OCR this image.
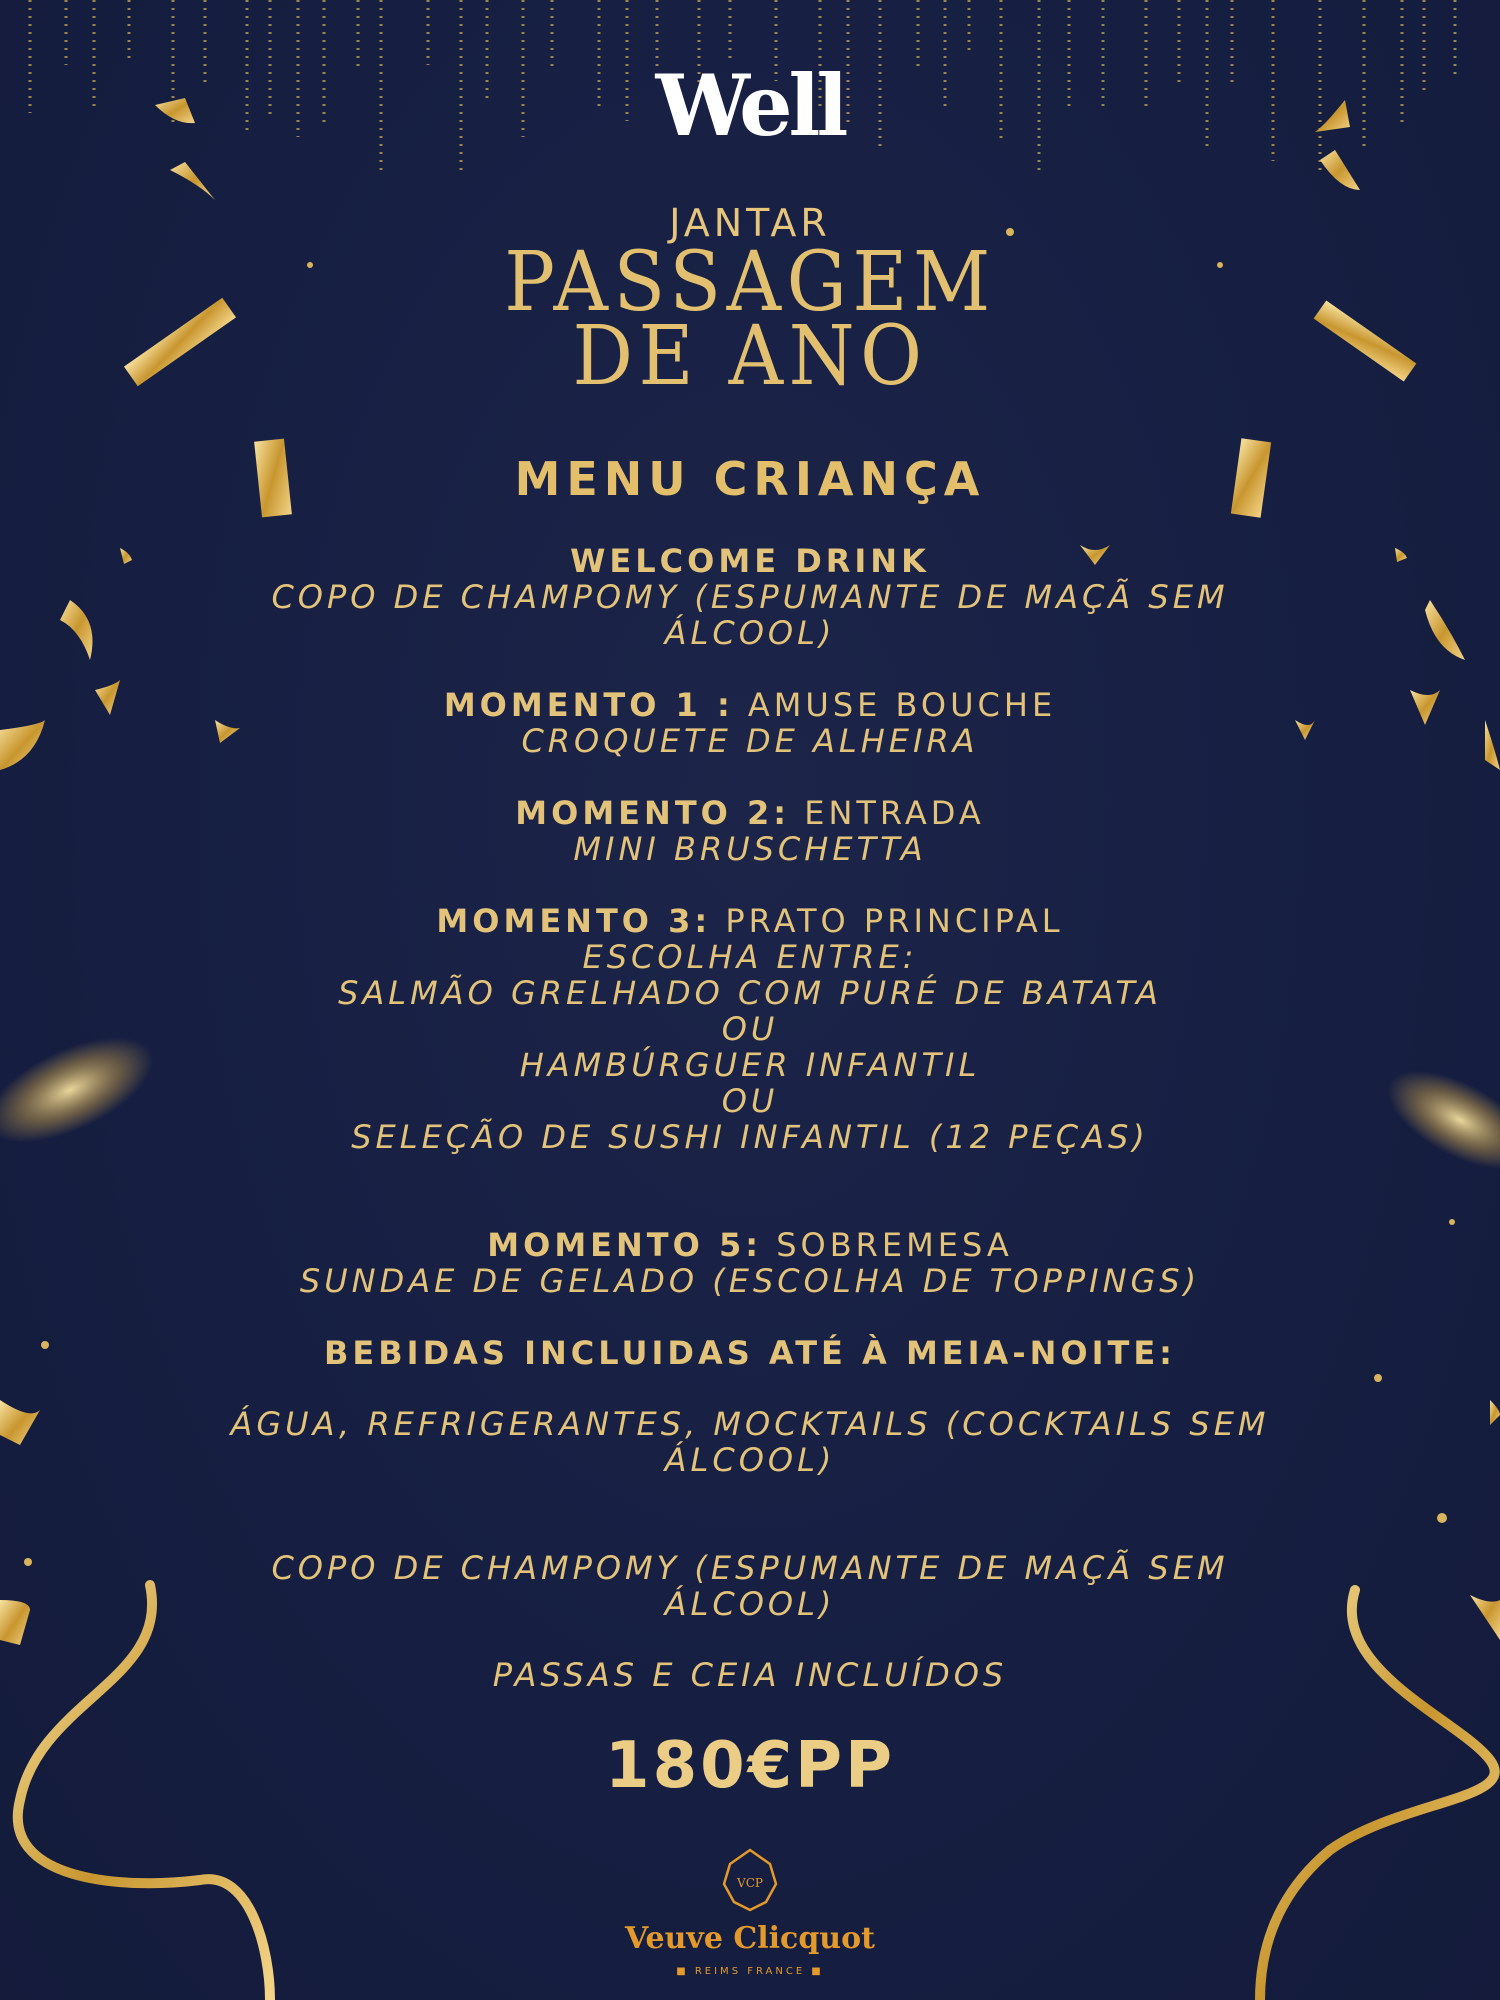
Well
JANTAR
PASSAGEM
DE ANO
MENU CRIANÇA
WELCOME DRINK
COPO DE CHAMPOMY (ESPUMANTE DE MAÇÃ SEM
ÁLCOOL)
MOMENTO 1 : AMUSE BOUCHE
CROQUETE DE ALHEIRA
MOMENTO 2: ENTRADA
MINI BRUSCHETTA
MOMENTO 3: PRATO PRINCIPAL
ESCOLHA ENTRE:
SALMÃO GRELHADO COM PURÉ DE BATATA
OU
HAMBÚRGUER INFANTIL
OU
SELEÇÃO DE SUSHI INFANTIL (12 PEÇAS)
MOMENTO 5: SOBREMESA
SUNDAE DE GELADO (ESCOLHA DE TOPPINGS)
BEBIDAS INCLUIDAS ATÉ À MEIA-NOITE:
ÁGUA, REFRIGERANTES, MOCKTAILS (COCKTAILS SEM
ÁLCOOL)
COPO DE CHAMPOMY (ESPUMANTE DE MAÇÃ SEM
ÁLCOOL)
PASSAS E CEIA INCLUÍDOS
180€PP
VCP
Veuve Clicquot
■ REIMS FRANCE ■
